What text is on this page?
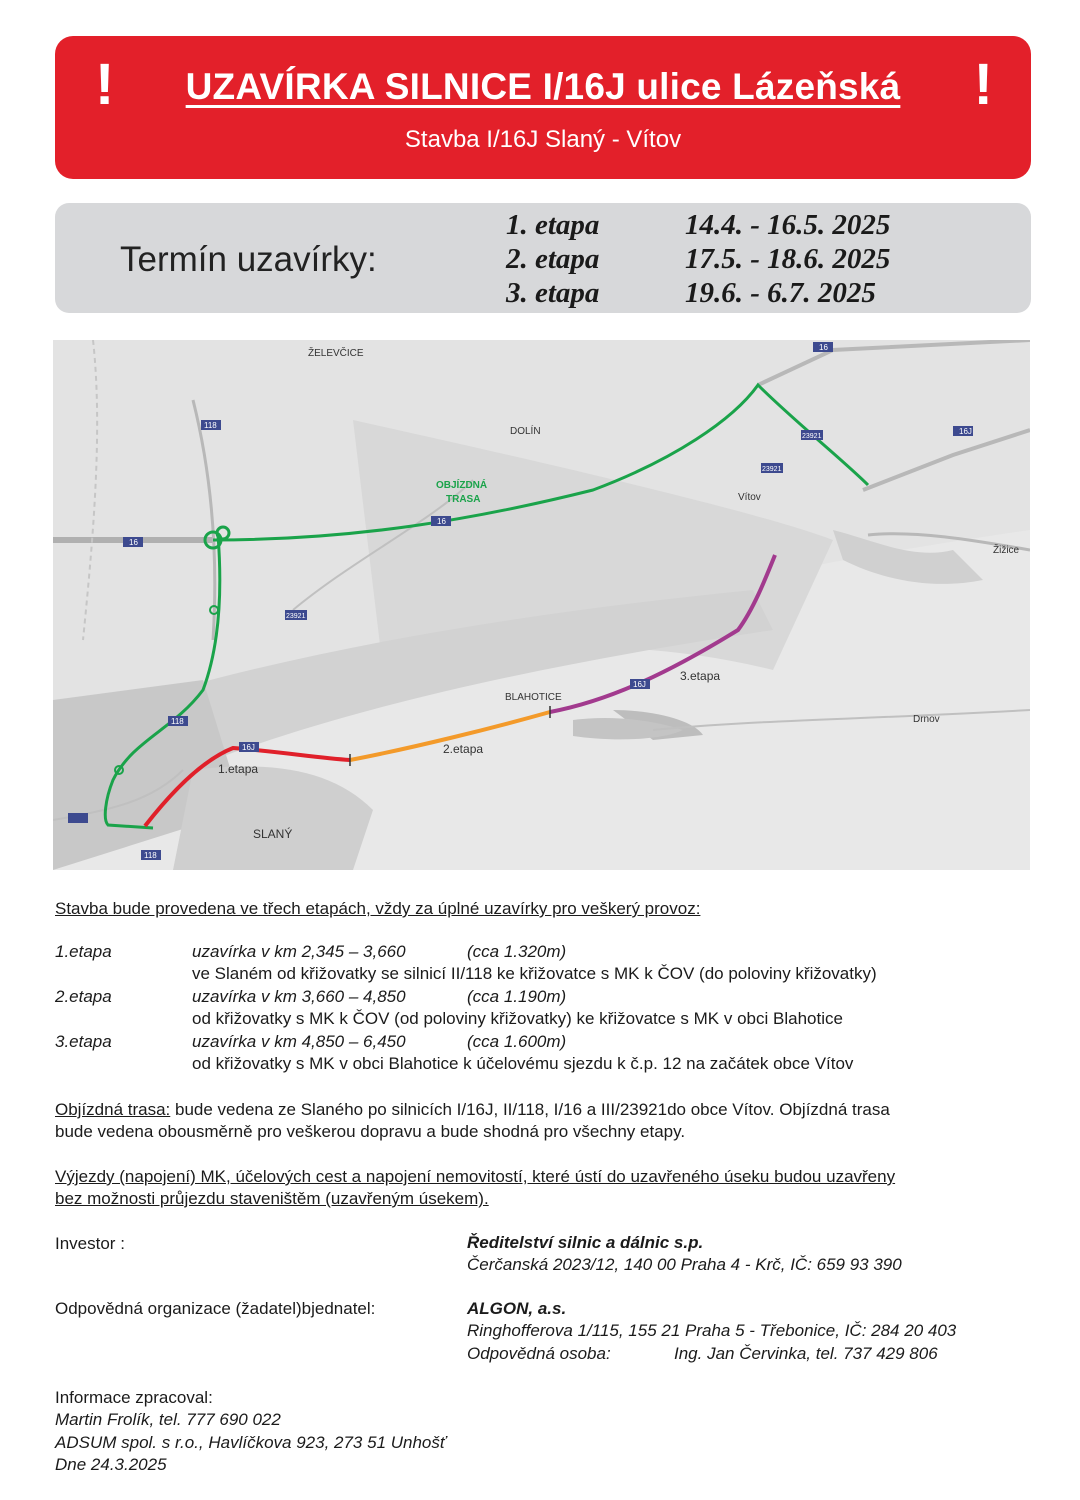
!	!
UZAVÍRKA SILNICE I/16J ulice Lázeňská
Stavba I/16J Slaný - Vítov
Termín uzavírky:
1. etapa	14.4. - 16.5. 2025
2. etapa	17.5. - 18.6. 2025
3. etapa	19.6. - 6.7. 2025
118
16
16
16
16J
16J
16J
118
118
23921
23921
23921
ŽELEVČICE
DOLÍN
Vítov
Žižice
BLAHOTICE
Drnov
SLANÝ
OBJÍZDNÁ
TRASA
1.etapa
2.etapa
3.etapa
Stavba bude provedena ve třech etapách, vždy za úplné uzavírky pro veškerý provoz:
1.etapa	uzavírka v km 2,345 – 3,660	(cca 1.320m)
ve Slaném od křižovatky se silnicí II/118 ke křižovatce s MK k ČOV (do poloviny křižovatky)
2.etapa	uzavírka v km 3,660 – 4,850	(cca 1.190m)
od křižovatky s MK k ČOV (od poloviny křižovatky) ke křižovatce s MK v obci Blahotice
3.etapa	uzavírka v km 4,850 – 6,450	(cca 1.600m)
od křižovatky s MK v obci Blahotice k účelovému sjezdu k č.p. 12 na začátek obce Vítov
Objízdná trasa: bude vedena ze Slaného po silnicích I/16J, II/118, I/16 a III/23921do obce Vítov. Objízdná trasa
bude vedena obousměrně pro veškerou dopravu a bude shodná pro všechny etapy.
Výjezdy (napojení) MK, účelových cest a napojení nemovitostí, které ústí do uzavřeného úseku budou uzavřeny
bez možnosti průjezdu staveništěm (uzavřeným úsekem).
Investor :	Ředitelství silnic a dálnic s.p.
Čerčanská 2023/12, 140 00 Praha 4 - Krč, IČ: 659 93 390
Odpovědná organizace (žadatel)bjednatel:	ALGON, a.s.
Ringhofferova 1/115, 155 21 Praha 5 - Třebonice, IČ: 284 20 403
Odpovědná osoba:	Ing. Jan Červinka, tel. 737 429 806
Informace zpracoval:
Martin Frolík, tel. 777 690 022
ADSUM spol. s r.o., Havlíčkova 923, 273 51 Unhošť
Dne 24.3.2025
